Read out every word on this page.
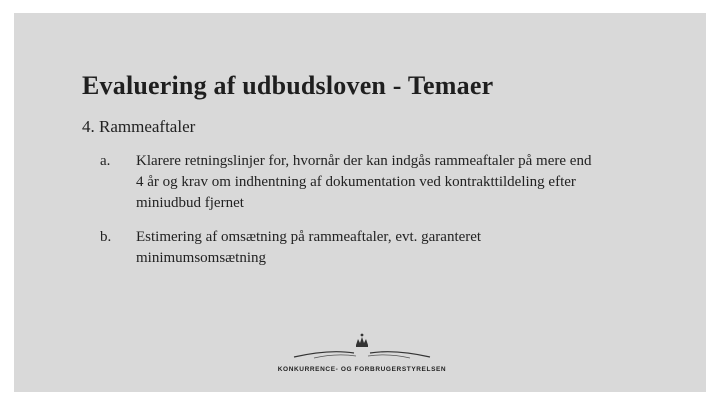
Evaluering af udbudsloven - Temaer
4. Rammeaftaler
a.	Klarere retningslinjer for, hvornår der kan indgås rammeaftaler på mere end 4 år og krav om indhentning af dokumentation ved kontrakttildeling efter miniudbud fjernet
b.	Estimering af omsætning på rammeaftaler, evt. garanteret minimumsomsætning
KONKURRENCE- OG FORBRUGERSTYRELSEN
